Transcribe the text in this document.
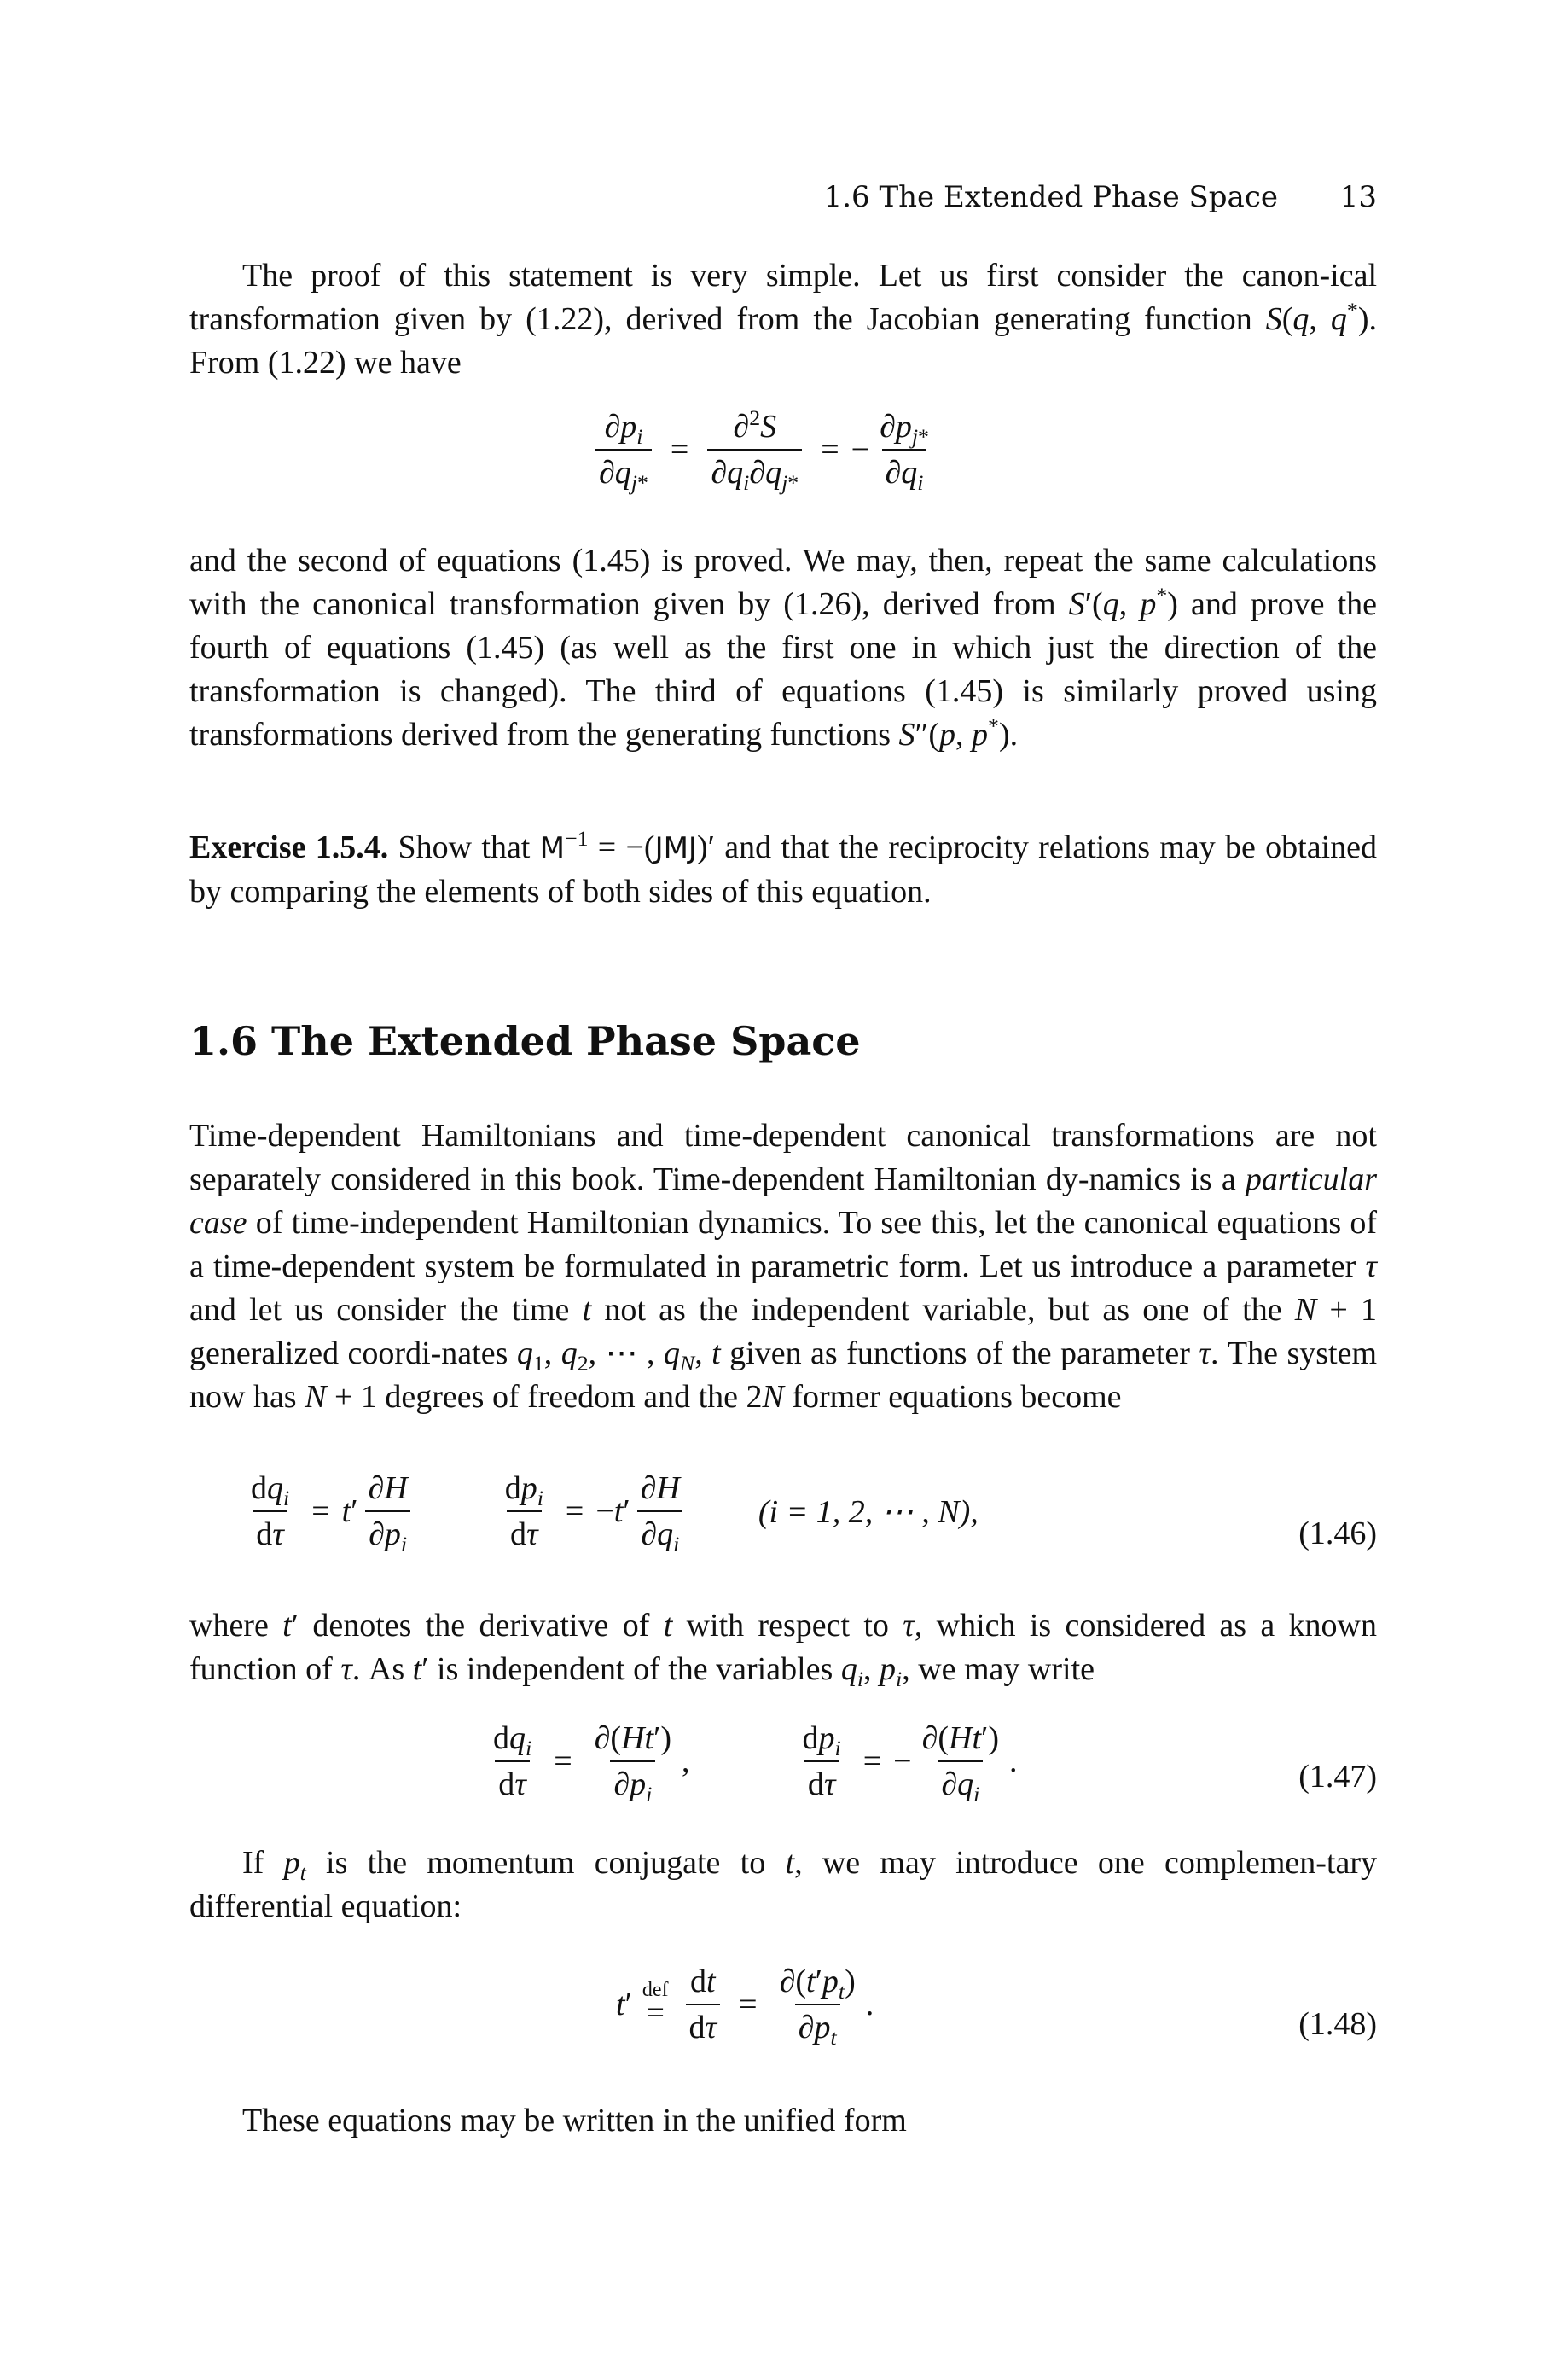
1.6 The Extended Phase Space 13

The proof of this statement is very simple. Let us first consider the canon-ical transformation given by (1.22), derived from the Jacobian generating function S(q, q*). From (1.22) we have

$\frac{\partial p_i}{\partial q_{j*}} = \frac{\partial^2S}{\partial q_i\partial q_{j*}}$ = − $\frac{\partial p_{j*}}{\partial q_i}$

and the second of equations (1.45) is proved. We may, then, repeat the same calculations with the canonical transformation given by (1.26), derived from S′(q, p*) and prove the fourth of equations (1.45) (as well as the first one in which just the direction of the transformation is changed). The third of equations (1.45) is similarly proved using transformations derived from the generating functions S″(p, p*).

Exercise 1.5.4. Show that $M^{-1} = -(JMJ)'$ and that the reciprocity relations may be obtained by comparing the elements of both sides of this equation.

1.6 The Extended Phase Space

Time-dependent Hamiltonians and time-dependent canonical transformations are not separately considered in this book. Time-dependent Hamiltonian dy-namics is a particular case of time-independent Hamiltonian dynamics. To see this, let the canonical equations of a time-dependent system be formulated in parametric form. Let us introduce a parameter τ and let us consider the time t not as the independent variable, but as one of the N + 1 generalized coordi-nates $q_1$, $q_2$, ⋯ , $q_N$, t given as functions of the parameter τ. The system now has N + 1 degrees of freedom and the 2N former equations become

$\frac{dq_i}{d\tau} = t$ ′ $\frac{\partial H}{\partial p_i}$	$\frac{dp_i}{d\tau}$ = − t ′ $\frac{\partial H}{\partial q_i} (i = 1$, 2, ⋯ , N),
(1.46)

where t′ denotes the derivative of t with respect to τ, which is considered as a known function of τ. As t′ is independent of the variables $q_i$, $p_i$, we may write

$\frac{dq_i}{d\tau} = \frac{\partial(Ht')}{\partial p_i}$ ,	$\frac{dp_i}{d\tau}$ = − $\frac{\partial(Ht')}{\partial q_i}$ .	(1.47)

If $p_t$ is the momentum conjugate to t, we may introduce one complemen-tary differential equation:

t ′ def
= $\frac{dt}{d\tau} = \frac{\partial(t'p_t)}{\partial p_t}$ .
(1.48)

These equations may be written in the unified form
